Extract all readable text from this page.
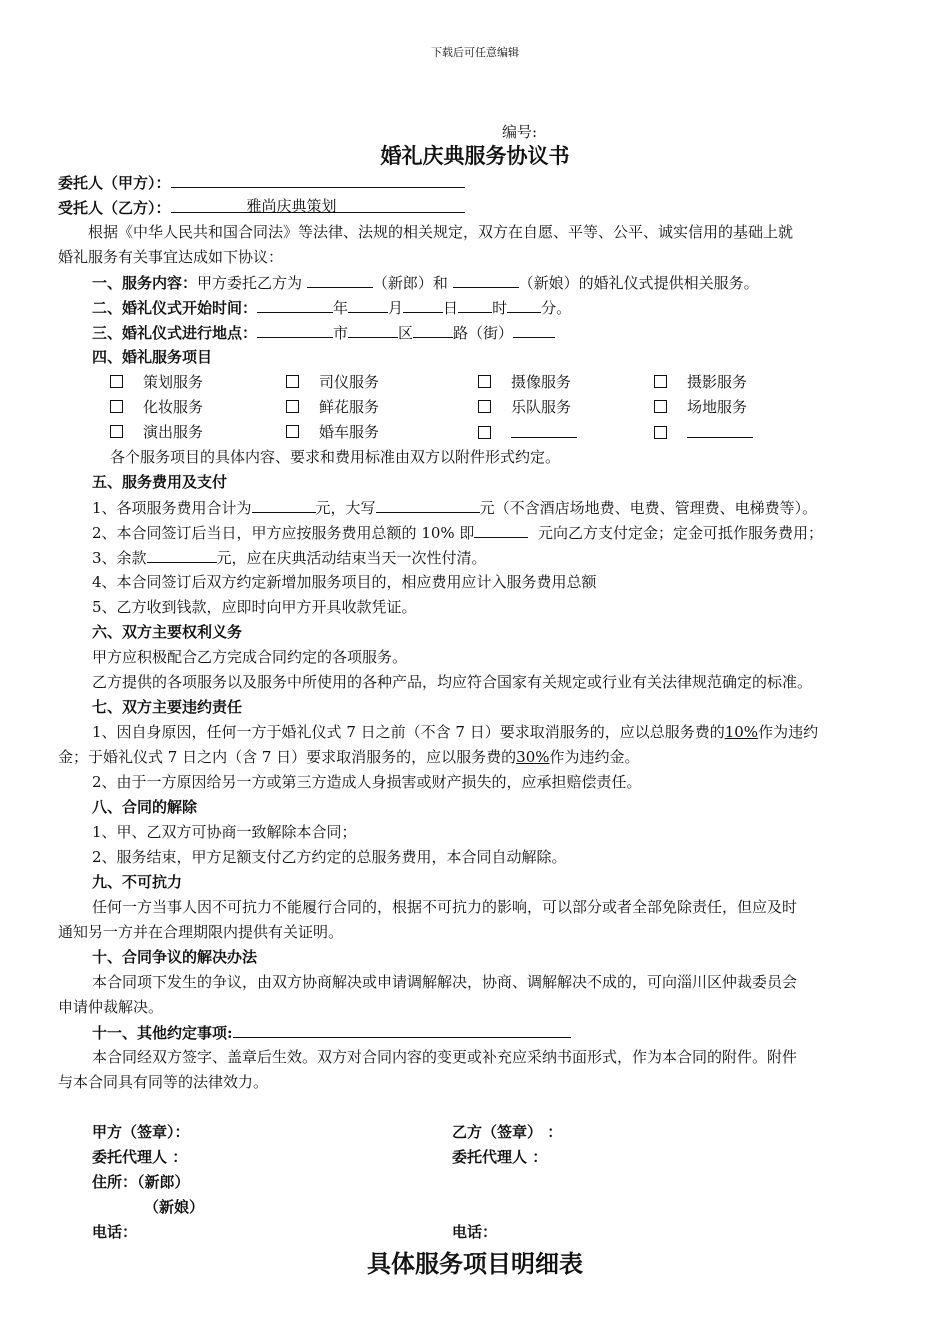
下载后可任意编辑
编号:
婚礼庆典服务协议书
委托人（甲方）：
受托人（乙方）：	雅尚庆典策划
根据《中华人民共和国合同法》等法律、法规的相关规定，双方在自愿、平等、公平、诚实信用的基础上就
婚礼服务有关事宜达成如下协议：
一、服务内容：甲方委托乙方为	（新郎）和	（新娘）的婚礼仪式提供相关服务。
二、婚礼仪式开始时间：	年	月	日 时 分。
三、婚礼仪式进行地点：	市	区	路（街）
四、婚礼服务项目
策划服务	司仪服务	摄像服务	摄影服务
化妆服务	鲜花服务	乐队服务	场地服务
演出服务	婚车服务
各个服务项目的具体内容、要求和费用标准由双方以附件形式约定。
五、服务费用及支付
1、各项服务费用合计为	元，大写	元（不含酒店场地费、电费、管理费、电梯费等）。
2、本合同签订后当日，甲方应按服务费用总额的 10% 即	元向乙方支付定金；定金可抵作服务费用；
3、余款	元，应在庆典活动结束当天一次性付清。
4、本合同签订后双方约定新增加服务项目的，相应费用应计入服务费用总额
5、乙方收到钱款，应即时向甲方开具收款凭证。
六、双方主要权利义务
甲方应积极配合乙方完成合同约定的各项服务。
乙方提供的各项服务以及服务中所使用的各种产品，均应符合国家有关规定或行业有关法律规范确定的标准。
七、双方主要违约责任
1、因自身原因，任何一方于婚礼仪式 7 日之前（不含 7 日）要求取消服务的，应以总服务费的10%作为违约
金；于婚礼仪式 7 日之内（含 7 日）要求取消服务的，应以服务费的30%作为违约金。
2、由于一方原因给另一方或第三方造成人身损害或财产损失的，应承担赔偿责任。
八、合同的解除
1、甲、乙双方可协商一致解除本合同；
2、服务结束，甲方足额支付乙方约定的总服务费用，本合同自动解除。
九、不可抗力
任何一方当事人因不可抗力不能履行合同的，根据不可抗力的影响，可以部分或者全部免除责任，但应及时
通知另一方并在合理期限内提供有关证明。
十、合同争议的解决办法
本合同项下发生的争议，由双方协商解决或申请调解解决，协商、调解解决不成的，可向淄川区仲裁委员会
申请仲裁解决。
十一、其他约定事项:
本合同经双方签字、盖章后生效。双方对合同内容的变更或补充应采纳书面形式，作为本合同的附件。附件
与本合同具有同等的法律效力。
甲方（签章）：	乙方（签章） ：
委托代理人 ：	委托代理人 ：
住所：（新郎）
（新娘）
电话：	电话：
具体服务项目明细表
